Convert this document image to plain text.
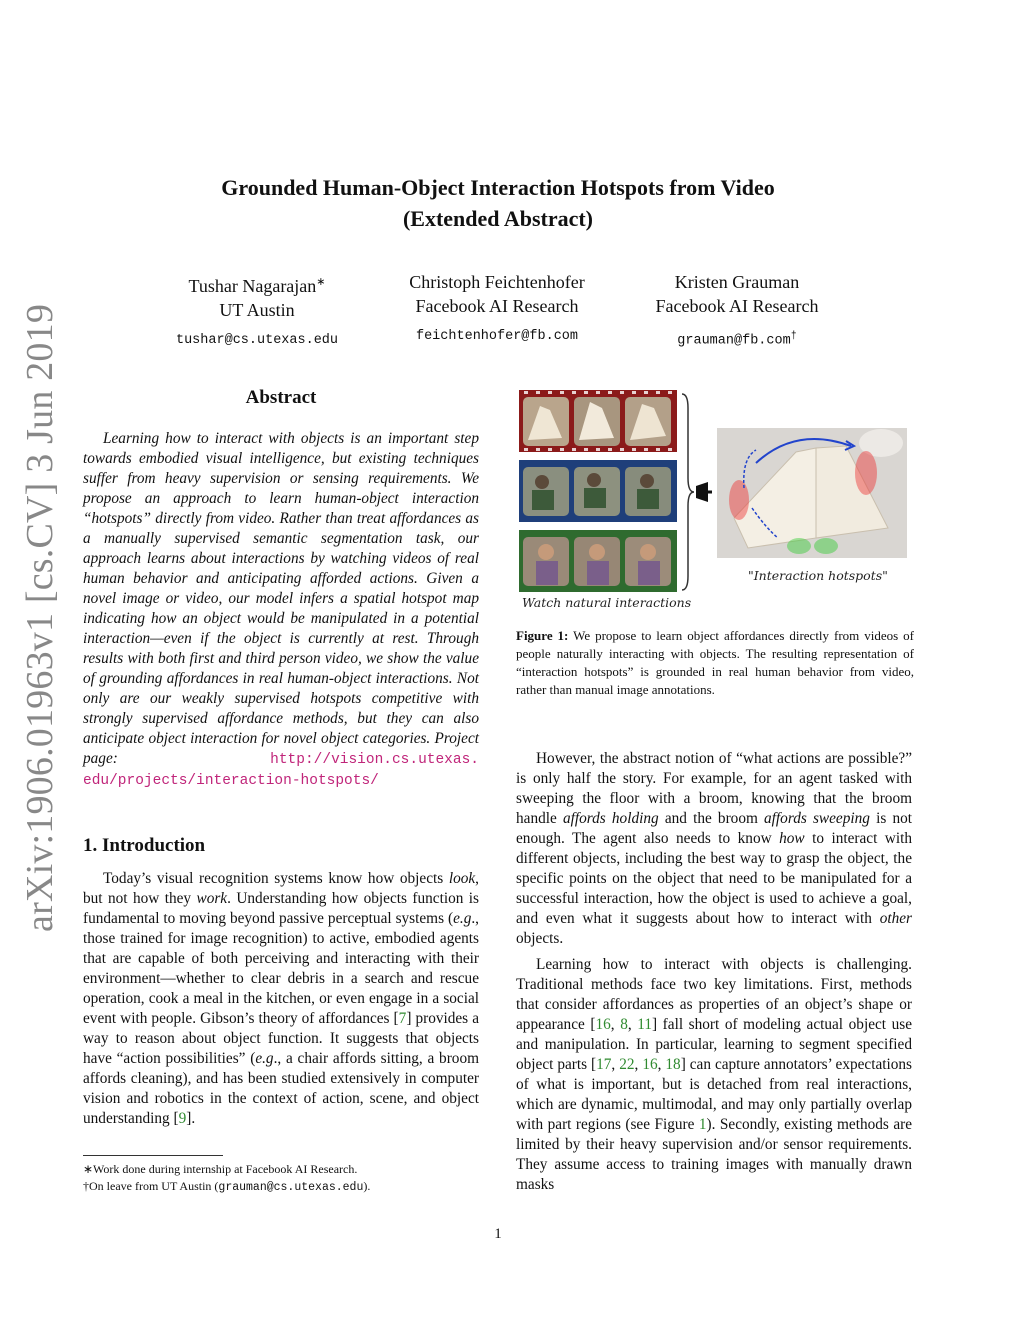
Grounded Human-Object Interaction Hotspots from Video
(Extended Abstract)
Tushar Nagarajan∗
UT Austin
tushar@cs.utexas.edu
Christoph Feichtenhofer
Facebook AI Research
feichtenhofer@fb.com
Kristen Grauman
Facebook AI Research
grauman@fb.com†
arXiv:1906.01963v1 [cs.CV] 3 Jun 2019	Abstract

Learning how to interact with objects is an important step towards embodied visual intelligence, but existing techniques suffer from heavy supervision or sensing requirements. We propose an approach to learn human-object interaction “hotspots” directly from video. Rather than treat affordances as a manually supervised semantic segmentation task, our approach learns about interactions by watching videos of real human behavior and anticipating afforded actions. Given a novel image or video, our model infers a spatial hotspot map indicating how an object would be manipulated in a potential interaction—even if the object is currently at rest. Through results with both first and third person video, we show the value of grounding affordances in real human-object interactions. Not only are our weakly supervised hotspots competitive with strongly supervised affordance methods, but they can also anticipate object interaction for novel object categories. Project page: http://vision.cs.utexas. edu/projects/interaction-hotspots/

1. Introduction

Today’s visual recognition systems know how objects look, but not how they work. Understanding how objects function is fundamental to moving beyond passive perceptual systems (e.g., those trained for image recognition) to active, embodied agents that are capable of both perceiving and interacting with their environment—whether to clear debris in a search and rescue operation, cook a meal in the kitchen, or even engage in a social event with people. Gibson’s theory of affordances [7] provides a way to reason about object function. It suggests that objects have “action possibilities” (e.g., a chair affords sitting, a broom affords cleaning), and has been studied extensively in computer vision and robotics in the context of action, scene, and object understanding [9].

∗Work done during internship at Facebook AI Research.
†On leave from UT Austin (grauman@cs.utexas.edu).
Watch natural interactions
"Interaction hotspots"
Figure 1: We propose to learn object affordances directly from videos of people naturally interacting with objects. The resulting representation of “interaction hotspots” is grounded in real human behavior from video, rather than manual image annotations.

However, the abstract notion of “what actions are possible?” is only half the story. For example, for an agent tasked with sweeping the floor with a broom, knowing that the broom handle affords holding and the broom affords sweeping is not enough. The agent also needs to know how to interact with different objects, including the best way to grasp the object, the specific points on the object that need to be manipulated for a successful interaction, how the object is used to achieve a goal, and even what it suggests about how to interact with other objects.

Learning how to interact with objects is challenging. Traditional methods face two key limitations. First, methods that consider affordances as properties of an object’s shape or appearance [16, 8, 11] fall short of modeling actual object use and manipulation. In particular, learning to segment specified object parts [17, 22, 16, 18] can capture annotators’ expectations of what is important, but is detached from real interactions, which are dynamic, multimodal, and may only partially overlap with part regions (see Figure 1). Secondly, existing methods are limited by their heavy supervision and/or sensor requirements. They assume access to training images with manually drawn masks

1
